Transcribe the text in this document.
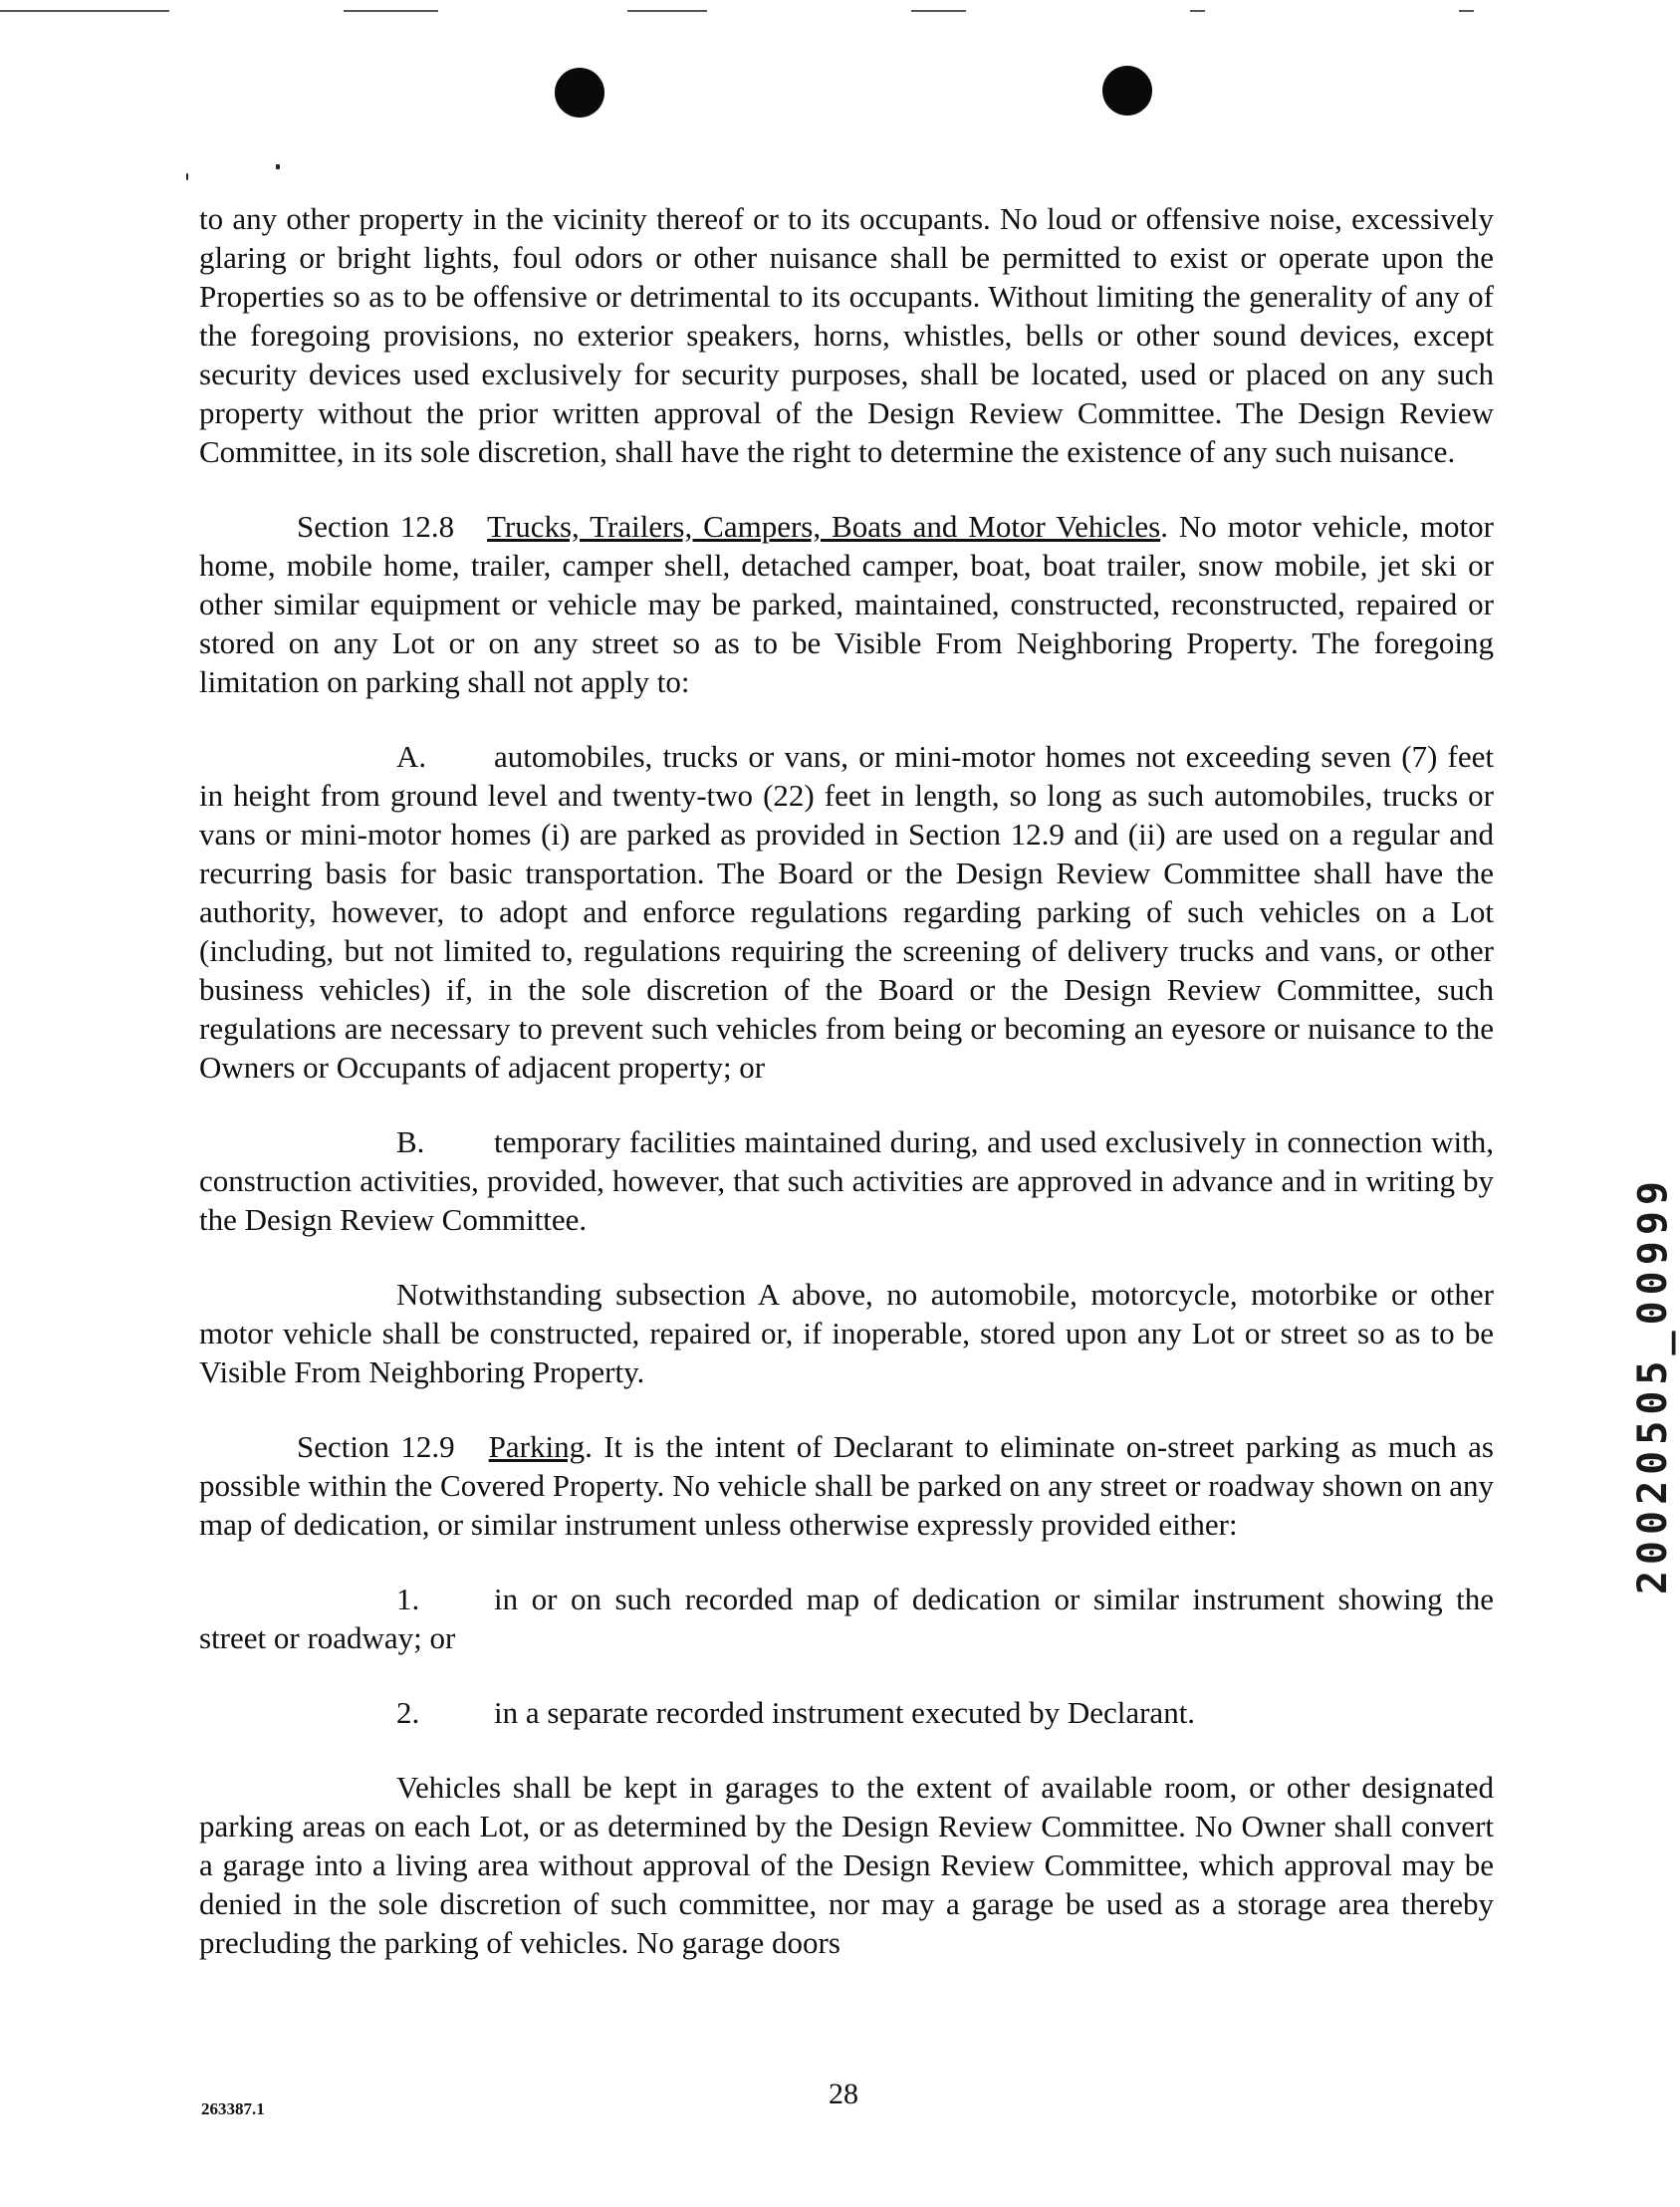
to any other property in the vicinity thereof or to its occupants. No loud or offensive noise, excessively glaring or bright lights, foul odors or other nuisance shall be permitted to exist or operate upon the Properties so as to be offensive or detrimental to its occupants. Without limiting the generality of any of the foregoing provisions, no exterior speakers, horns, whistles, bells or other sound devices, except security devices used exclusively for security purposes, shall be located, used or placed on any such property without the prior written approval of the Design Review Committee. The Design Review Committee, in its sole discretion, shall have the right to determine the existence of any such nuisance.

Section 12.8 Trucks, Trailers, Campers, Boats and Motor Vehicles. No motor vehicle, motor home, mobile home, trailer, camper shell, detached camper, boat, boat trailer, snow mobile, jet ski or other similar equipment or vehicle may be parked, maintained, constructed, reconstructed, repaired or stored on any Lot or on any street so as to be Visible From Neighboring Property. The foregoing limitation on parking shall not apply to:

A. automobiles, trucks or vans, or mini-motor homes not exceeding seven (7) feet in height from ground level and twenty-two (22) feet in length, so long as such automobiles, trucks or vans or mini-motor homes (i) are parked as provided in Section 12.9 and (ii) are used on a regular and recurring basis for basic transportation. The Board or the Design Review Committee shall have the authority, however, to adopt and enforce regulations regarding parking of such vehicles on a Lot (including, but not limited to, regulations requiring the screening of delivery trucks and vans, or other business vehicles) if, in the sole discretion of the Board or the Design Review Committee, such regulations are necessary to prevent such vehicles from being or becoming an eyesore or nuisance to the Owners or Occupants of adjacent property; or

B. temporary facilities maintained during, and used exclusively in connection with, construction activities, provided, however, that such activities are approved in advance and in writing by the Design Review Committee.

Notwithstanding subsection A above, no automobile, motorcycle, motorbike or other motor vehicle shall be constructed, repaired or, if inoperable, stored upon any Lot or street so as to be Visible From Neighboring Property.

Section 12.9 Parking. It is the intent of Declarant to eliminate on-street parking as much as possible within the Covered Property. No vehicle shall be parked on any street or roadway shown on any map of dedication, or similar instrument unless otherwise expressly provided either:

1. in or on such recorded map of dedication or similar instrument showing the street or roadway; or

2. in a separate recorded instrument executed by Declarant.

Vehicles shall be kept in garages to the extent of available room, or other designated parking areas on each Lot, or as determined by the Design Review Committee. No Owner shall convert a garage into a living area without approval of the Design Review Committee, which approval may be denied in the sole discretion of such committee, nor may a garage be used as a storage area thereby precluding the parking of vehicles. No garage doors

20020505_00999
263387.1	28
